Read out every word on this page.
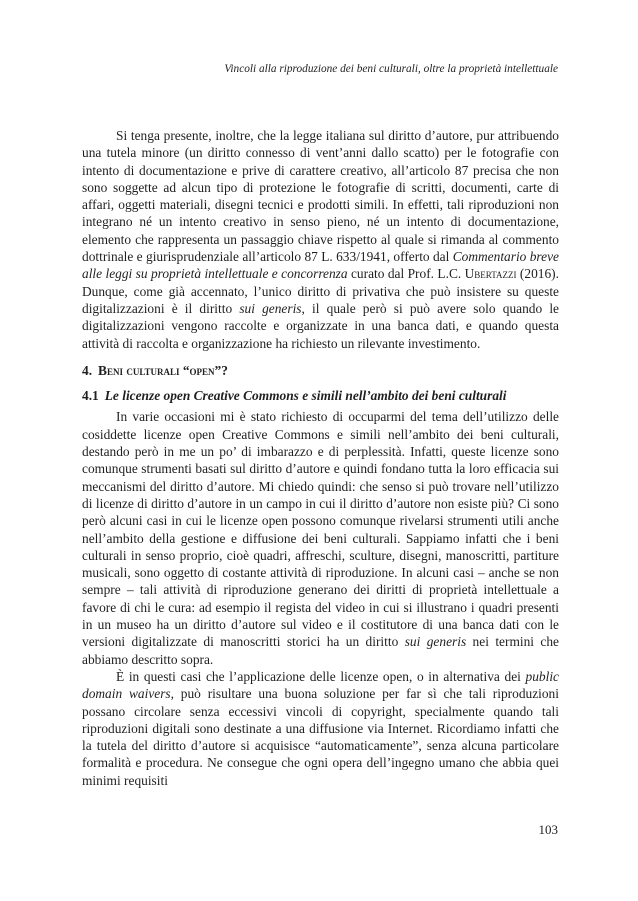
Vincoli alla riproduzione dei beni culturali, oltre la proprietà intellettuale

Si tenga presente, inoltre, che la legge italiana sul diritto d’autore, pur attribuendo una tutela minore (un diritto connesso di vent’anni dallo scatto) per le fotografie con intento di documentazione e prive di carattere creativo, all’articolo 87 precisa che non sono soggette ad alcun tipo di protezione le fotografie di scritti, documenti, carte di affari, oggetti materiali, disegni tecnici e prodotti simili. In effetti, tali riproduzioni non integrano né un intento creativo in senso pieno, né un intento di documentazione, elemento che rappresenta un passaggio chiave rispetto al quale si rimanda al commento dottrinale e giurisprudenziale all’articolo 87 L. 633/1941, offerto dal Commentario breve alle leggi su proprietà intellettuale e concorrenza curato dal Prof. L.C. Ubertazzi (2016). Dunque, come già accennato, l’unico diritto di privativa che può insistere su queste digitalizzazioni è il diritto sui generis, il quale però si può avere solo quando le digitalizzazioni vengono raccolte e organizzate in una banca dati, e quando questa attività di raccolta e organizzazione ha richiesto un rilevante investimento.

4. Beni culturali “open”?
4.1 Le licenze open Creative Commons e simili nell’ambito dei beni culturali

In varie occasioni mi è stato richiesto di occuparmi del tema dell’utilizzo delle cosiddette licenze open Creative Commons e simili nell’ambito dei beni culturali, destando però in me un po’ di imbarazzo e di perplessità. Infatti, queste licenze sono comunque strumenti basati sul diritto d’autore e quindi fondano tutta la loro efficacia sui meccanismi del diritto d’autore. Mi chiedo quindi: che senso si può trovare nell’utilizzo di licenze di diritto d’autore in un campo in cui il diritto d’autore non esiste più? Ci sono però alcuni casi in cui le licenze open possono comunque rivelarsi strumenti utili anche nell’ambito della gestione e diffusione dei beni culturali. Sappiamo infatti che i beni culturali in senso proprio, cioè quadri, affreschi, sculture, disegni, manoscritti, partiture musicali, sono oggetto di costante attività di riproduzione. In alcuni casi – anche se non sempre – tali attività di riproduzione generano dei diritti di proprietà intellettuale a favore di chi le cura: ad esempio il regista del video in cui si illustrano i quadri presenti in un museo ha un diritto d’autore sul video e il costitutore di una banca dati con le versioni digitalizzate di manoscritti storici ha un diritto sui generis nei termini che abbiamo descritto sopra.

È in questi casi che l’applicazione delle licenze open, o in alternativa dei public domain waivers, può risultare una buona soluzione per far sì che tali riproduzioni possano circolare senza eccessivi vincoli di copyright, specialmente quando tali riproduzioni digitali sono destinate a una diffusione via Internet. Ricordiamo infatti che la tutela del diritto d’autore si acquisisce “automaticamente”, senza alcuna particolare formalità e procedura. Ne consegue che ogni opera dell’ingegno umano che abbia quei minimi requisiti

103
